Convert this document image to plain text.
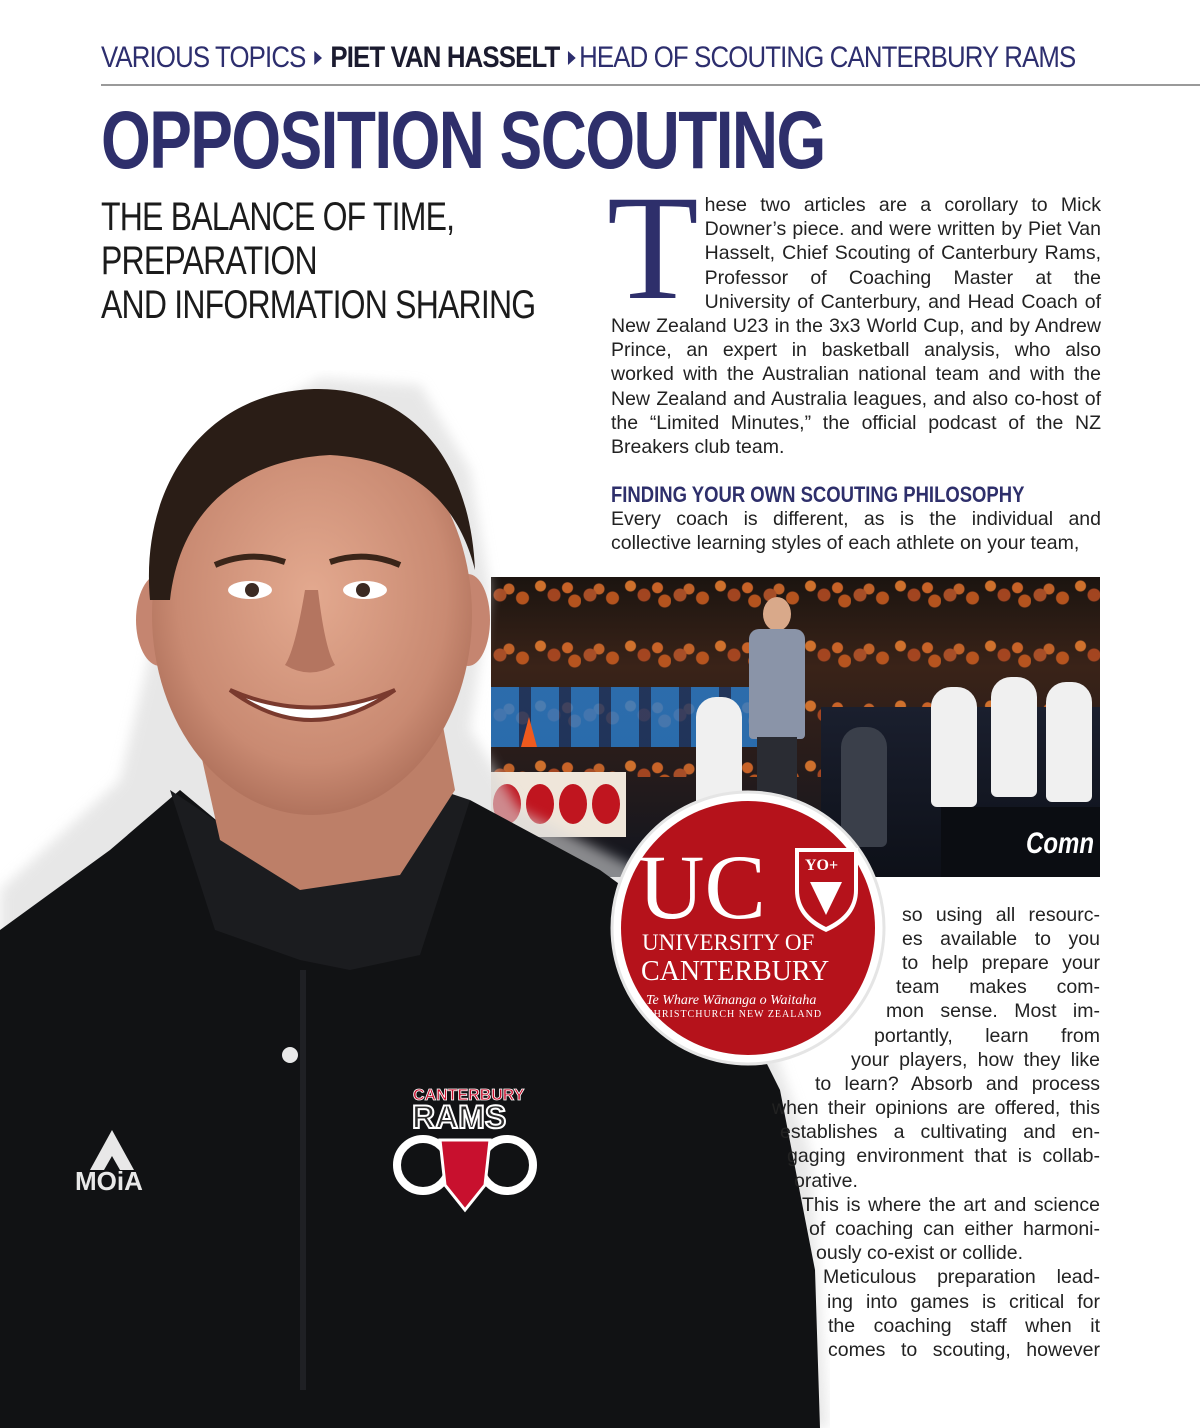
VARIOUS TOPICS PIET VAN HASSELT HEAD OF SCOUTING CANTERBURY RAMS
OPPOSITION SCOUTING
THE BALANCE OF TIME,
PREPARATION
AND INFORMATION SHARING These two articles are a corollary to Mick Downer’s piece. and were written by Piet Van Hasselt, Chief Scouting of Canterbury Rams, Professor of Coaching Master at the University of Canterbury, and Head Coach of New Zealand U23 in the 3x3 World Cup, and by Andrew Prince, an expert in basketball analysis, who also worked with the Australian national team and with the New Zealand and Australia leagues, and also co-host of the “Limited Minutes,” the official podcast of the NZ Breakers club team.
FINDING YOUR OWN SCOUTING PHILOSOPHY
Every coach is different, as is the individual and collective learning styles of each athlete on your team,
Comn
MOiA
CANTERBURY
RAMS
UC YO+
UNIVERSITY OF
CANTERBURY
Te Whare Wānanga o Waitaha
CHRISTCHURCH NEW ZEALAND
so using all resourc-
es available to you
to help prepare your
team makes com-
mon sense. Most im-
portantly, learn from
your players, how they like
to learn? Absorb and process
when their opinions are offered, this
establishes a cultivating and en-
gaging environment that is collab-
orative.
This is where the art and science
of coaching can either harmoni-
ously co-exist or collide.
Meticulous preparation lead-
ing into games is critical for
the coaching staff when it
comes to scouting, however
